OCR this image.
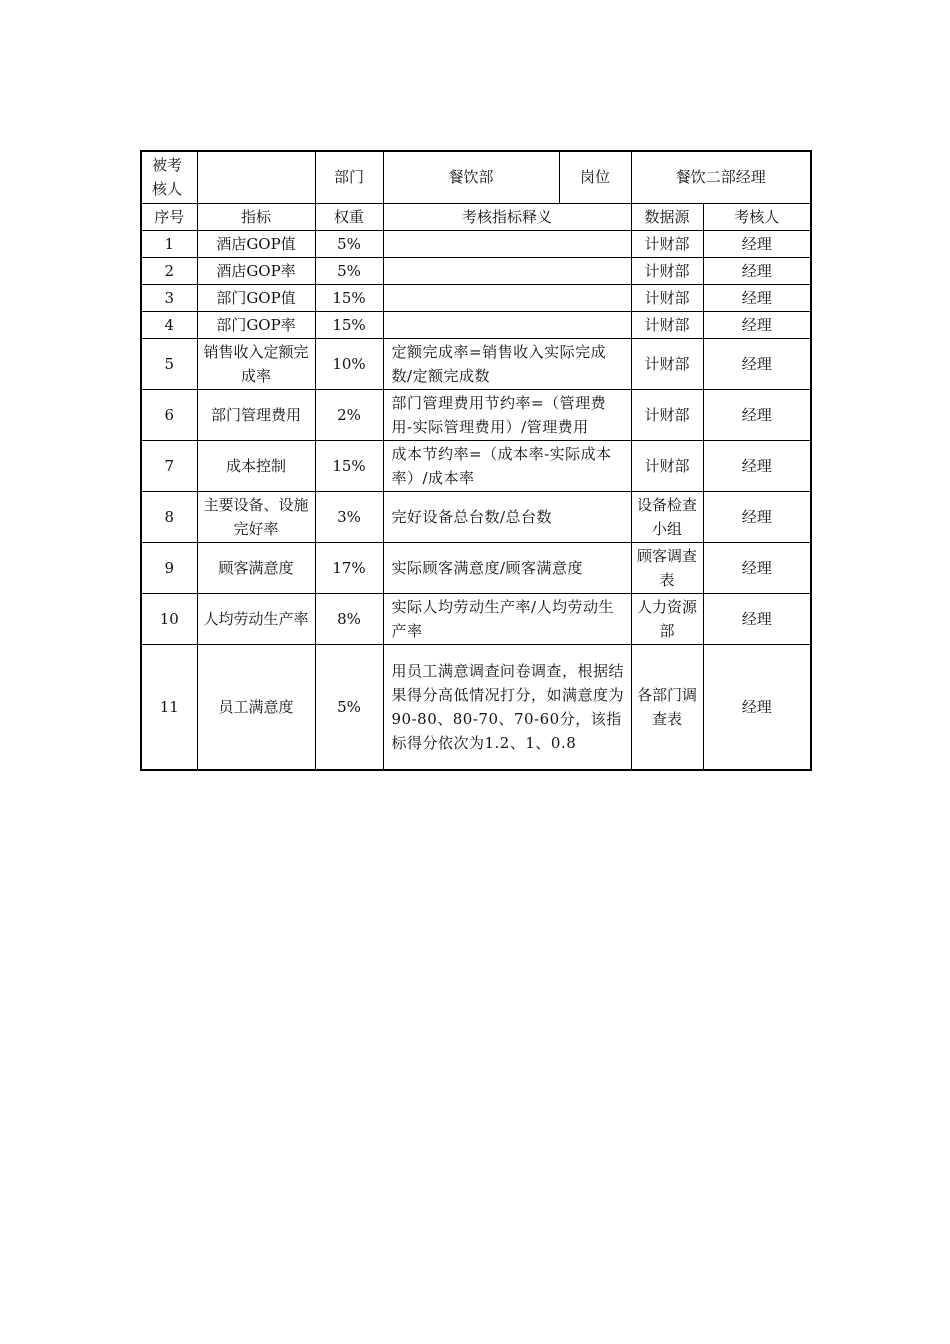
被考核人		部门	餐饮部	岗位	餐饮二部经理	
序号	指标	权重	考核指标释义		数据源	考核人
1	酒店GOP值	5%			计财部	经理
2	酒店GOP率	5%			计财部	经理
3	部门GOP值	15%			计财部	经理
4	部门GOP率	15%			计财部	经理
5	销售收入定额完成率	10%	定额完成率=销售收入实际完成数/定额完成数		计财部	经理
6	部门管理费用	2%	部门管理费用节约率=（管理费用-实际管理费用）/管理费用		计财部	经理
7	成本控制	15%	成本节约率=（成本率-实际成本率）/成本率		计财部	经理
8	主要设备、设施完好率	3%	完好设备总台数/总台数		设备检查小组	经理
9	顾客满意度	17%	实际顾客满意度/顾客满意度		顾客调查表	经理
10	人均劳动生产率	8%	实际人均劳动生产率/人均劳动生产率		人力资源部	经理
11	员工满意度	5%	用员工满意调查问卷调查，根据结果得分高低情况打分，如满意度为90-80、80-70、70-60分，该指标得分依次为1.2、1、0.8		各部门调查表	经理
